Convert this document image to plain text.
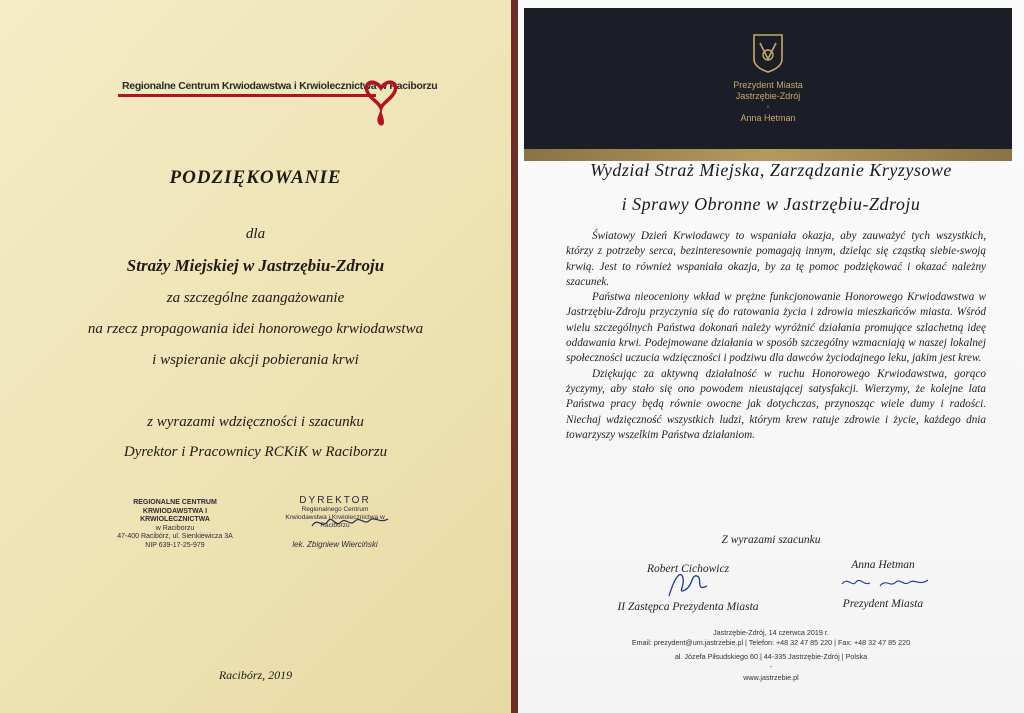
Regionalne Centrum Krwiodawstwa i Krwiolecznictwa w Raciborzu
PODZIĘKOWANIE
dla
Straży Miejskiej w Jastrzębiu-Zdroju
za szczególne zaangażowanie
na rzecz propagowania idei honorowego krwiodawstwa
i wspieranie akcji pobierania krwi
z wyrazami wdzięczności i szacunku
Dyrektor i Pracownicy RCKiK w Raciborzu
REGIONALNE CENTRUM
KRWIODAWSTWA I KRWIOLECZNICTWA
w Raciborzu
47-400 Racibórz, ul. Sienkiewicza 3A
NIP 639-17-25-979
DYREKTOR
Regionalnego Centrum
Krwiodawstwa i Krwiolecznictwa w Raciborzu
lek. Zbigniew Wierciński
Racibórz, 2019
Prezydent Miasta
Jastrzębie-Zdrój
-
Anna Hetman
Wydział Straż Miejska, Zarządzanie Kryzysowe
i Sprawy Obronne w Jastrzębiu-Zdroju

Światowy Dzień Krwiodawcy to wspaniała okazja, aby zauważyć tych wszystkich, którzy z potrzeby serca, bezinteresownie pomagają innym, dzieląc się cząstką siebie-swoją krwią. Jest to również wspaniała okazja, by za tę pomoc podziękować i okazać należny szacunek.

Państwa nieoceniony wkład w prężne funkcjonowanie Honorowego Krwiodawstwa w Jastrzębiu-Zdroju przyczynia się do ratowania życia i zdrowia mieszkańców miasta. Wśród wielu szczególnych Państwa dokonań należy wyróżnić działania promujące szlachetną ideę oddawania krwi. Podejmowane działania w sposób szczególny wzmacniają w naszej lokalnej społeczności uczucia wdzięczności i podziwu dla dawców życiodajnego leku, jakim jest krew.

Dziękując za aktywną działalność w ruchu Honorowego Krwiodawstwa, gorąco życzymy, aby stało się ono powodem nieustającej satysfakcji. Wierzymy, że kolejne lata Państwa pracy będą równie owocne jak dotychczas, przynosząc wiele dumy i radości. Niechaj wdzięczność wszystkich ludzi, którym krew ratuje zdrowie i życie, każdego dnia towarzyszy wszelkim Państwa działaniom.

Z wyrazami szacunku
Robert Cichowicz
II Zastępca Prezydenta Miasta
Anna Hetman
Prezydent Miasta
Jastrzębie-Zdrój, 14 czerwca 2019 r.
Email: prezydent@um.jastrzebie.pl | Telefon: +48 32 47 85 220 | Fax: +48 32 47 85 220
al. Józefa Piłsudskiego 60 | 44-335 Jastrzębie-Zdrój | Polska
-
www.jastrzebie.pl
